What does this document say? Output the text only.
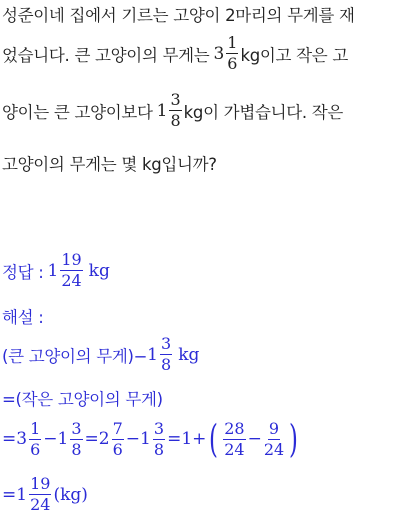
성준이네 집에서 기르는 고양이 2마리의 무게를 재
었습니다. 큰 고양이의 무게는 $3 \frac{1}{6}$ kg이고 작은 고
양이는 큰 고양이보다 $1 \frac{3}{8}$ kg이 가볍습니다. 작은
고양이의 무게는 몇 kg입니까?
정답 : $1 \frac{19}{24}$ kg
해설 :
(큰 고양이의 무게)− $1 \frac{3}{8}$ kg
=(작은 고양이의 무게)
= $3 \frac{1}{6} - 1 \frac{3}{8} = 2 \frac{7}{6} - 1 \frac{3}{8} = 1$ + ( $\frac{28}{24} - \frac{9}{24}$ )
= $1 \frac{19}{24} (kg)$
